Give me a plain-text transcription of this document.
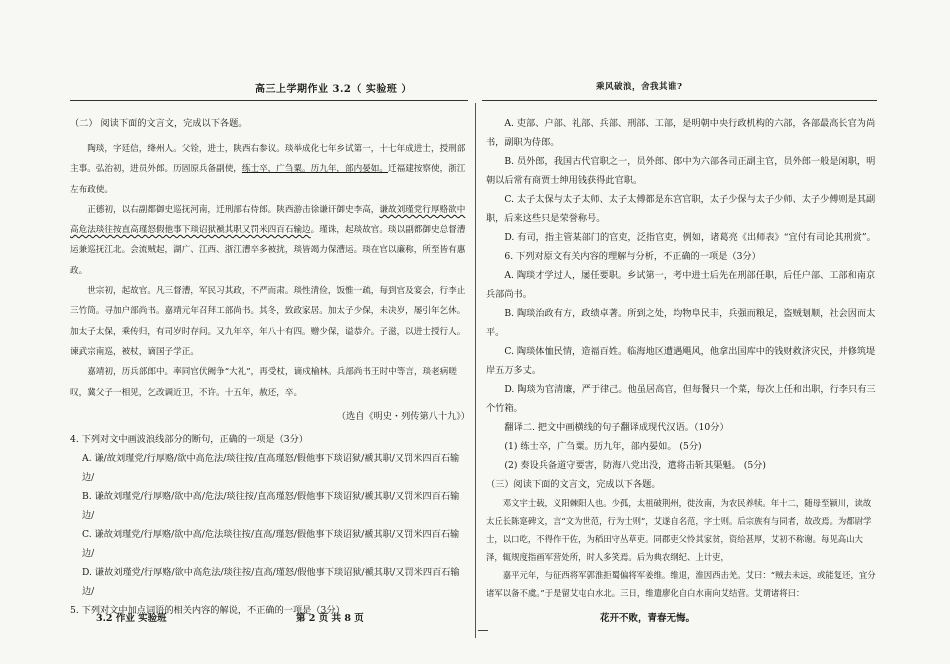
高三上学期作业 3.2（ 实验班 ）	乘风破浪，舍我其谁?

（二） 阅读下面的文言文，完成以下各题。

陶琰，字廷信，绛州人。父铨，进士，陕西右参议。琰举成化七年乡试第一，十七年成进士，授刑部主事。弘治初，进员外郎。历固原兵备副使，练士卒，广刍粟。历九年，部内晏如。迁福建按察使，浙江左布政使。

正德初，以右副都御史巡抚河南，迁刑部右侍郎。陕西游击徐谦讦御史李高，谦故刘瑾党行厚赂欲中高危法琰往按直高瑾怒假他事下琰诏狱褫其职又罚米四百石输边。瑾诛，起琰故官。琰以副都御史总督漕运兼巡抚江北。会流贼起，湖广、江西、浙江漕卒多被扰，琰皆竭力保漕运。琰在官以廉称，所至皆有惠政。

世宗初，起故官。凡三督漕，军民习其政，不严而肃。琰性清俭，饭惟一疏，每到官及宴会，行李止三竹筒。寻加户部尚书。嘉靖元年召拜工部尚书。其冬，致政家居。加太子少保，未决岁，屡引年乞休。加太子太保，乘传归，有司岁时存问。又九年卒，年八十有四。赠少保，谥恭介。子滋，以进士授行人。谏武宗南巡，被杖，谪国子学正。

嘉靖初，历兵部郎中。率同官伏阙争“大礼”，再受杖，谪戍榆林。兵部尚书王时中等言，琰老病嗟叹，冀父子一相见，乞改调近卫，不许。十五年，赦还，卒。

（选自《明史・列传第八十九》）

4. 下列对文中画波浪线部分的断句，正确的一项是（3分）

A. 谦/故刘瑾党/行厚赂/欲中高危法/琰往按/直高瑾怒/假他事下琰诏狱/褫其职/又罚米四百石输边/

B. 谦故刘瑾党/行厚赂/欲中高/危法/琰往按/直高瑾怒/假他事下琰诏狱/褫其职/又罚米四百石输边/

C. 谦故刘瑾党/行厚赂/欲中高/危法琰往按/直高/瑾怒/假他事下琰诏狱/褫其职/又罚米四百石输边/

D. 谦故刘瑾党/行厚赂/欲中高危法/琰往按/直高/瑾怒/假他事下琰诏狱/褫其职/又罚米四百石输边/

5. 下列对文中加点词语的相关内容的解说，不正确的一项是（3分）

A. 吏部、户部、礼部、兵部、刑部、工部，是明朝中央行政机构的六部，各部最高长官为尚书，副职为侍郎。

B. 员外郎，我国古代官职之一，员外郎、郎中为六部各司正副主官，员外郎一般是闲职，明朝以后常有商贾士绅用钱获得此官职。

C. 太子太保与太子太师、太子太傅都是东宫官职，太子少保与太子少师、太子少傅则是其副职，后来这些只是荣誉称号。

D. 有司，指主管某部门的官吏，泛指官吏，例如，诸葛亮《出师表》“宜付有司论其刑赏”。

6. 下列对原文有关内容的理解与分析，不正确的一项是（3分）

A. 陶琰才学过人，屡任要职。乡试第一，考中进士后先在刑部任职，后任户部、工部和南京兵部尚书。

B. 陶琰治政有方，政绩卓著。所到之处，均物阜民丰，兵强而粮足，盗贼刬顺，社会因而太平。

C. 陶琰体恤民情，造福百姓。临海地区遭遇飓风，他拿出国库中的钱财救济灾民，并修筑堤岸五万多丈。

D. 陶琰为官清廉，严于律己。他虽居高官，但每餐只一个菜，每次上任和出职，行李只有三个竹箱。

翻译二. 把文中画横线的句子翻译成现代汉语。（10分）

(1) 练士卒，广刍粟。历九年，部内晏如。 (5分)

(2) 奏设兵备道守要害，防海八党出没，遣将击斩其渠魁。 (5分)

（三）阅读下面的文言文，完成以下各题。

邓文宇士载，义阳棘阳人也。少孤，太祖破荆州，徙汝南，为农民养犊。年十二，随母至颍川，读故太丘长陈寔碑文，言“文为世范，行为士则”，艾遂自名范，字士则。后宗族有与同者，故改焉。为都尉学士，以口吃，不得作干佐，为稻田守丛草吏。同郡吏父怜其家贫，资给甚厚，艾初不称谢。每见高山大泽，辄规度指画军营处所，时人多笑焉。后为典农纲纪、上计吏，

嘉平元年，与征西将军郭淮拒蜀偏将军姜维。维退，淮因西击羌。艾曰：“贼去未远，或能复还，宜分诸军以备不虞。”于是留艾屯白水北。三日，维遣廖化自白水南向艾结营。艾谓诸将曰：

3.2 作业 实验班	第 2 页 共 8 页	花开不败，青春无悔。
